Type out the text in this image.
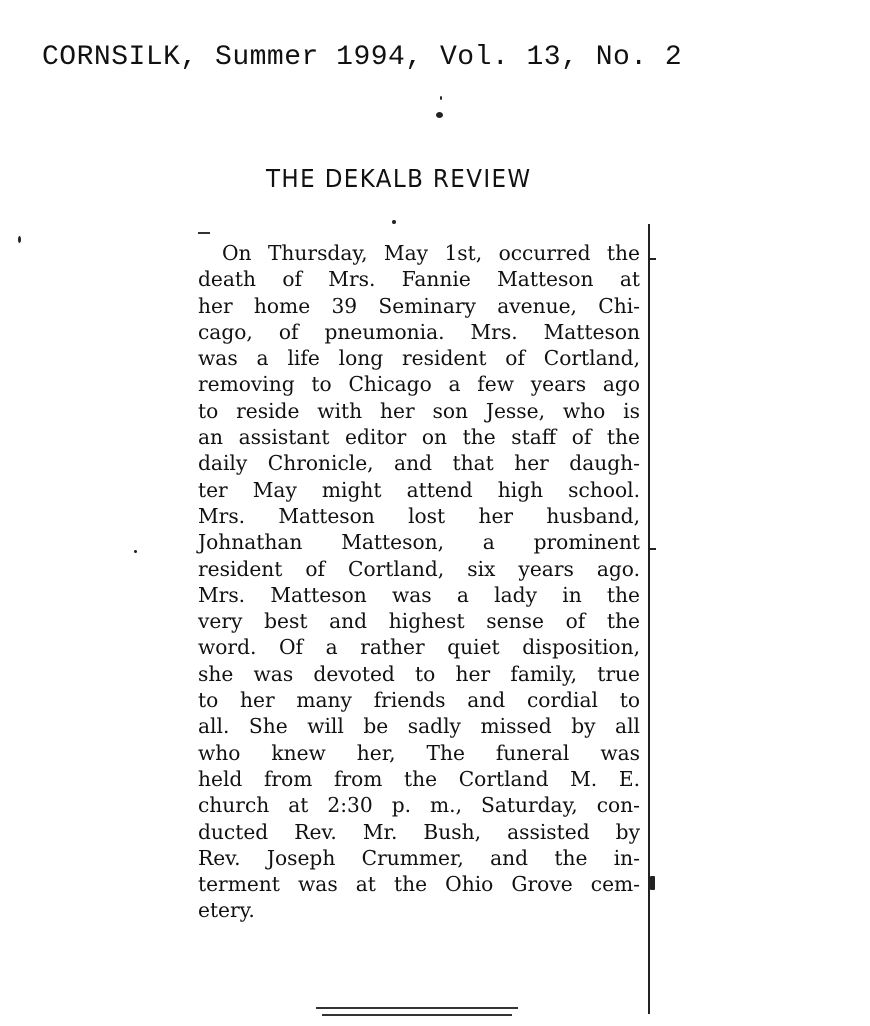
CORNSILK, Summer 1994, Vol. 13, No. 2
THE DEKALB REVIEW
On Thursday, May 1st, occurred the
death of Mrs. Fannie Matteson at
her home 39 Seminary avenue, Chi-
cago, of pneumonia. Mrs. Matteson
was a life long resident of Cortland,
removing to Chicago a few years ago
to reside with her son Jesse, who is
an assistant editor on the staff of the
daily Chronicle, and that her daugh-
ter May might attend high school.
Mrs. Matteson lost her husband,
Johnathan Matteson, a prominent
resident of Cortland, six years ago.
Mrs. Matteson was a lady in the
very best and highest sense of the
word. Of a rather quiet disposition,
she was devoted to her family, true
to her many friends and cordial to
all. She will be sadly missed by all
who knew her, The funeral was
held from from the Cortland M. E.
church at 2:30 p. m., Saturday, con-
ducted Rev. Mr. Bush, assisted by
Rev. Joseph Crummer, and the in-
terment was at the Ohio Grove cem-
etery.
